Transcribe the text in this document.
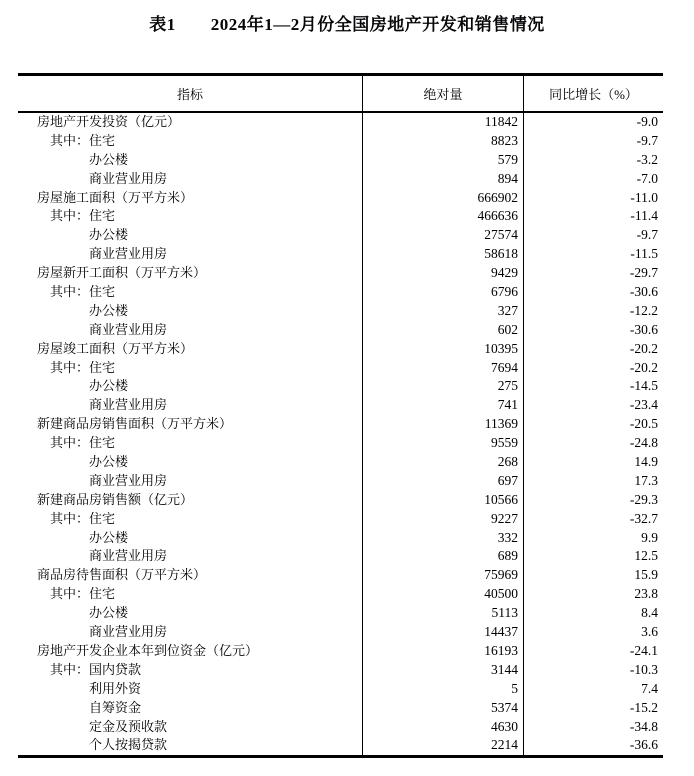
表1　　2024年1—2月份全国房地产开发和销售情况
指标	绝对量	同比增长（%）
房地产开发投资（亿元）	11842	-9.0
其中：住宅	8823	-9.7
办公楼	579	-3.2
商业营业用房	894	-7.0
房屋施工面积（万平方米）	666902	-11.0
其中：住宅	466636	-11.4
办公楼	27574	-9.7
商业营业用房	58618	-11.5
房屋新开工面积（万平方米）	9429	-29.7
其中：住宅	6796	-30.6
办公楼	327	-12.2
商业营业用房	602	-30.6
房屋竣工面积（万平方米）	10395	-20.2
其中：住宅	7694	-20.2
办公楼	275	-14.5
商业营业用房	741	-23.4
新建商品房销售面积（万平方米）	11369	-20.5
其中：住宅	9559	-24.8
办公楼	268	14.9
商业营业用房	697	17.3
新建商品房销售额（亿元）	10566	-29.3
其中：住宅	9227	-32.7
办公楼	332	9.9
商业营业用房	689	12.5
商品房待售面积（万平方米）	75969	15.9
其中：住宅	40500	23.8
办公楼	5113	8.4
商业营业用房	14437	3.6
房地产开发企业本年到位资金（亿元）	16193	-24.1
其中：国内贷款	3144	-10.3
利用外资	5	7.4
自筹资金	5374	-15.2
定金及预收款	4630	-34.8
个人按揭贷款	2214	-36.6
